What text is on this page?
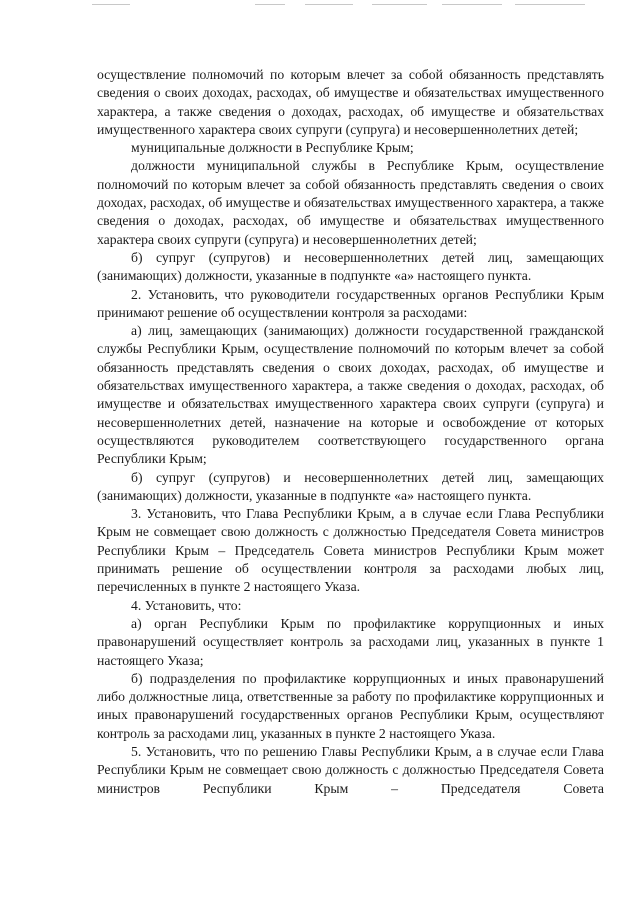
осуществление полномочий по которым влечет за собой обязанность представлять сведения о своих доходах, расходах, об имуществе и обязательствах имущественного характера, а также сведения о доходах, расходах, об имуществе и обязательствах имущественного характера своих супруги (супруга) и несовершеннолетних детей;

муниципальные должности в Республике Крым;

должности муниципальной службы в Республике Крым, осуществление полномочий по которым влечет за собой обязанность представлять сведения о своих доходах, расходах, об имуществе и обязательствах имущественного характера, а также сведения о доходах, расходах, об имуществе и обязательствах имущественного характера своих супруги (супруга) и несовершеннолетних детей;

б) супруг (супругов) и несовершеннолетних детей лиц, замещающих (занимающих) должности, указанные в подпункте «а» настоящего пункта.

2. Установить, что руководители государственных органов Республики Крым принимают решение об осуществлении контроля за расходами:

а) лиц, замещающих (занимающих) должности государственной гражданской службы Республики Крым, осуществление полномочий по которым влечет за собой обязанность представлять сведения о своих доходах, расходах, об имуществе и обязательствах имущественного характера, а также сведения о доходах, расходах, об имуществе и обязательствах имущественного характера своих супруги (супруга) и несовершеннолетних детей, назначение на которые и освобождение от которых осуществляются руководителем соответствующего государственного органа Республики Крым;

б) супруг (супругов) и несовершеннолетних детей лиц, замещающих (занимающих) должности, указанные в подпункте «а» настоящего пункта.

3. Установить, что Глава Республики Крым, а в случае если Глава Республики Крым не совмещает свою должность с должностью Председателя Совета министров Республики Крым – Председатель Совета министров Республики Крым может принимать решение об осуществлении контроля за расходами любых лиц, перечисленных в пункте 2 настоящего Указа.

4. Установить, что:

а) орган Республики Крым по профилактике коррупционных и иных правонарушений осуществляет контроль за расходами лиц, указанных в пункте 1 настоящего Указа;

б) подразделения по профилактике коррупционных и иных правонарушений либо должностные лица, ответственные за работу по профилактике коррупционных и иных правонарушений государственных органов Республики Крым, осуществляют контроль за расходами лиц, указанных в пункте 2 настоящего Указа.

5. Установить, что по решению Главы Республики Крым, а в случае если Глава Республики Крым не совмещает свою должность с должностью Председателя Совета министров Республики Крым – Председателя Совета
